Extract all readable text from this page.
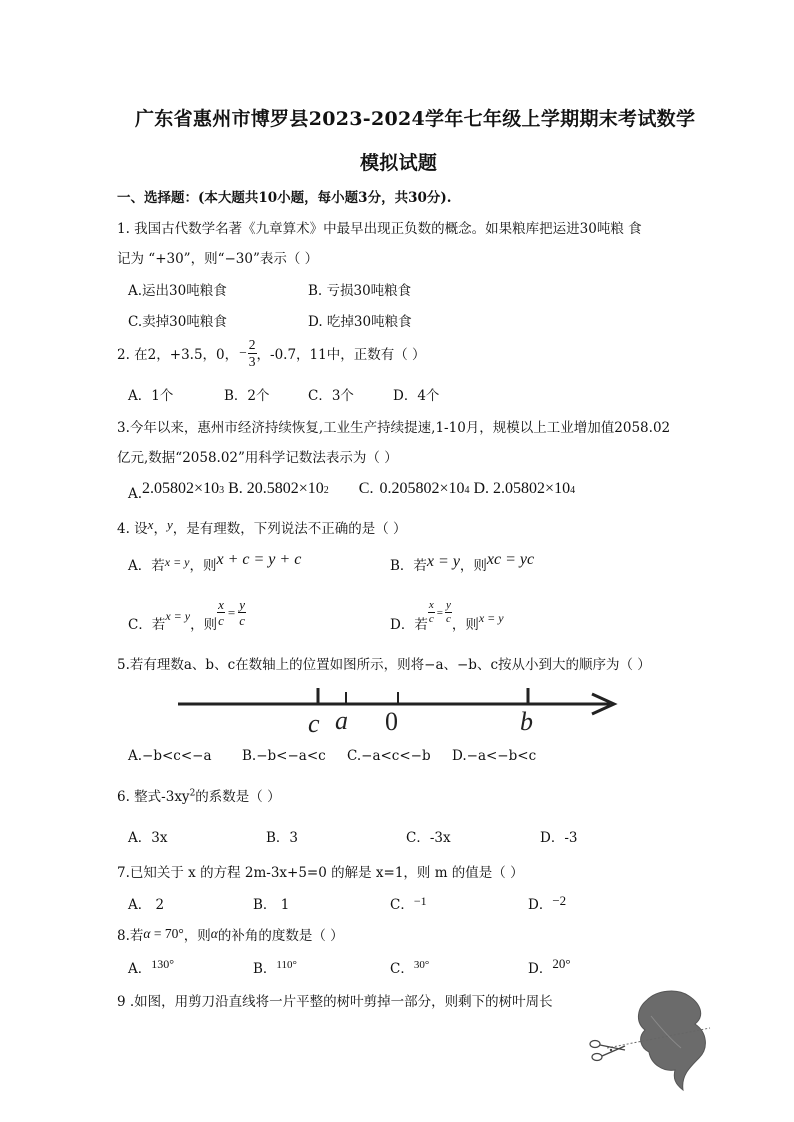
广东省惠州市博罗县2023-2024学年七年级上学期期末考试数学
模拟试题
一、选择题：(本大题共10小题，每小题3分，共30分).
1. 我国古代数学名著《九章算术》中最早出现正负数的概念。如果粮库把运进30吨粮 食
记为 “+30”，则“−30”表示（ ）
A.运出30吨粮食	B. 亏损30吨粮食
C.卖掉30吨粮食	D. 吃掉30吨粮食
2. 在2，+3.5，0， − $\frac{2}{3}$ ，-0.7，11中，正数有（ ）
A．1个	B．2个	C．3个	D．4个
3.今年以来，惠州市经济持续恢复,工业生产持续提速,1-10月，规模以上工业增加值2058.02
亿元,数据“2058.02”用科学记数法表示为（ ）
A. 2.05802×10 3 B. 20.5802×10 2 C. 0.205802×10 4 D. 2.05802×10 4
4. 设 x ， y ，是有理数，下列说法不正确的是（ ）
A．若 x = y ，则 x + c = y + c	B．若 x = y ，则 xc = yc
C．若
x = y
，则 $\frac{x}{c} = \frac{y}{c}$	D．若 $\frac{x}{c} = \frac{y}{c}$ ，则 x = y
5.若有理数a、b、c在数轴上的位置如图所示，则将−a、−b、c按从小到大的顺序为（ ）
c a 0	b
A.−b<c<−a B.−b<−a<c C.−a<c<−b D.−a<−b<c
6. 整式$-3xy^2$的系数是（ ）
A．3x	B．3	C．-3x	D．-3
7.已知关于 x 的方程 2m-3x+5=0 的解是 x=1，则 m 的值是（ ）
A． 2	B． 1	C．−1	D．−2
8.若α = 70°，则α的补角的度数是（ ）
A．130°	B．$^{110^\circ}$	C．$^{30^\circ}$	D．20°
9 .如图，用剪刀沿直线将一片平整的树叶剪掉一部分，则剩下的树叶周长
